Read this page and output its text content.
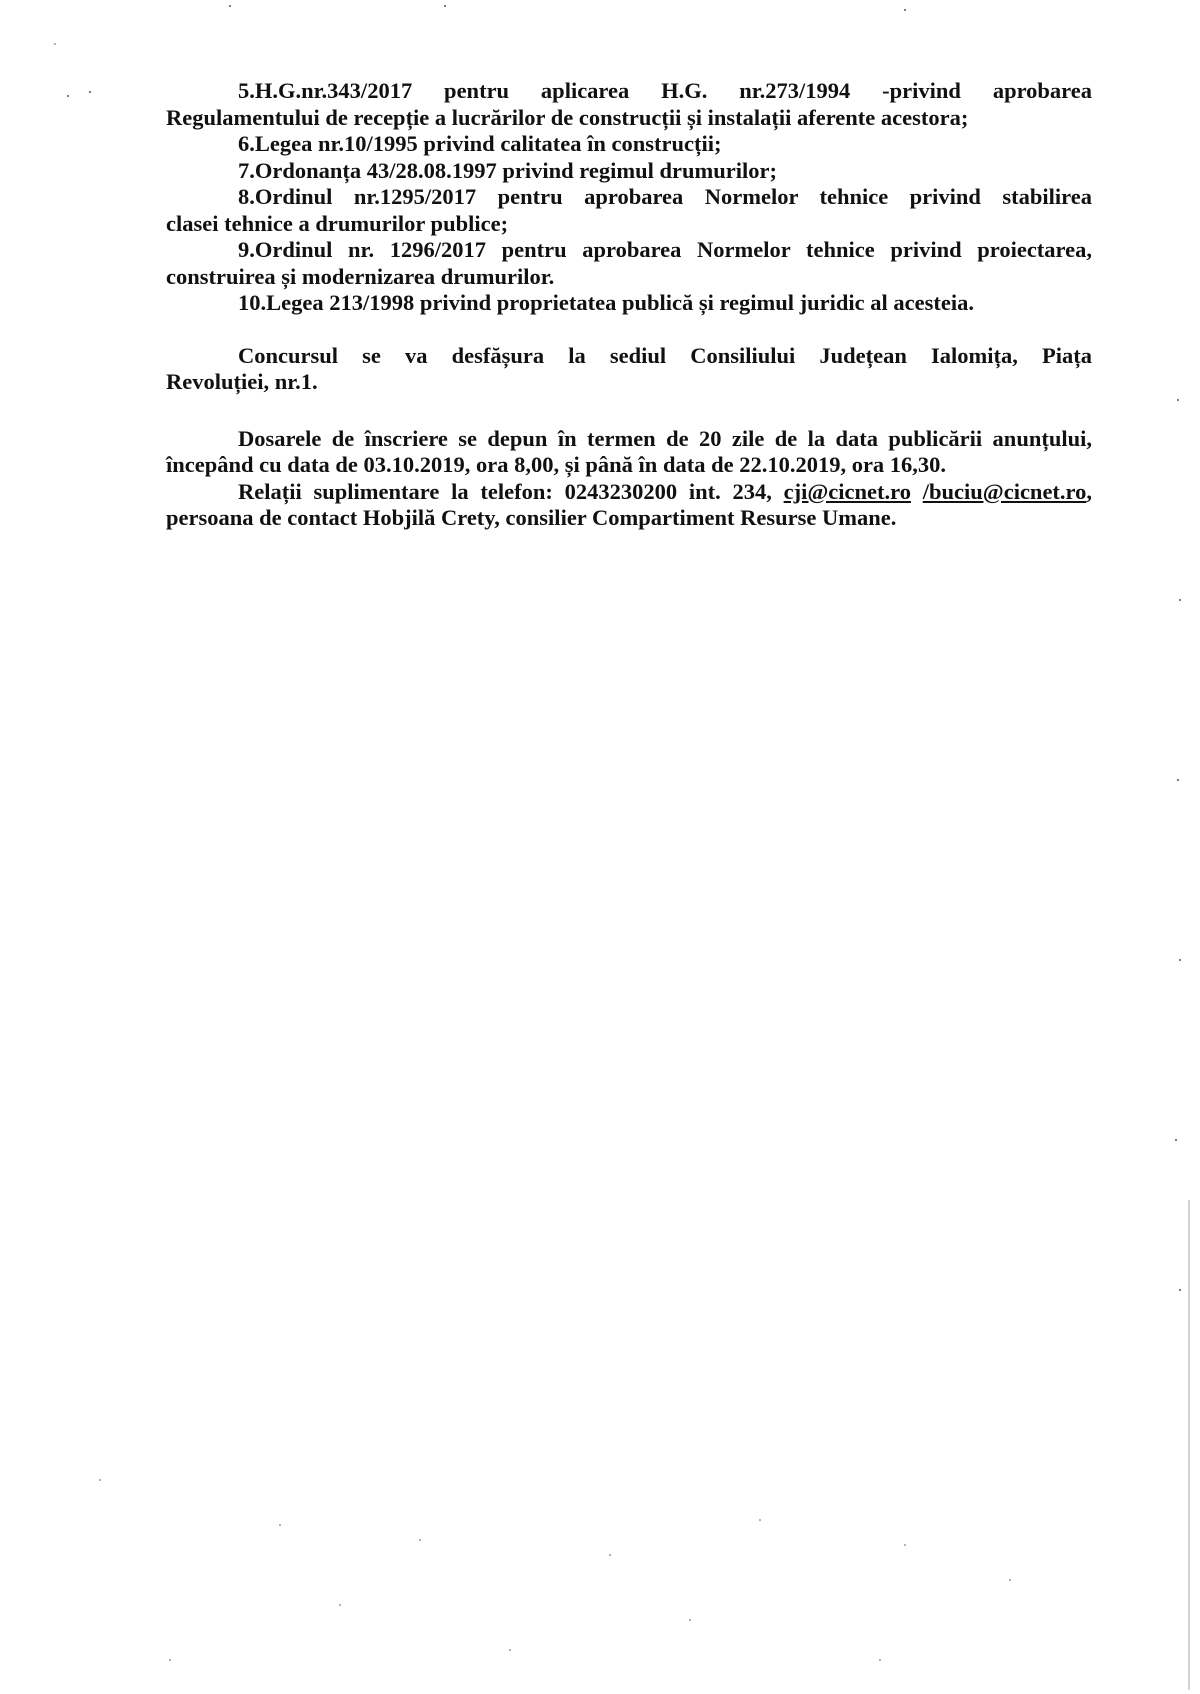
5.H.G.nr.343/2017 pentru aplicarea H.G. nr.273/1994 -privind aprobarea

Regulamentului de recepție a lucrărilor de construcții și instalații aferente acestora;

6.Legea nr.10/1995 privind calitatea în construcții;

7.Ordonanța 43/28.08.1997 privind regimul drumurilor;

8.Ordinul nr.1295/2017 pentru aprobarea Normelor tehnice privind stabilirea

clasei tehnice a drumurilor publice;

9.Ordinul nr. 1296/2017 pentru aprobarea Normelor tehnice privind proiectarea,

construirea și modernizarea drumurilor.

10.Legea 213/1998 privind proprietatea publică și regimul juridic al acesteia.

Concursul se va desfășura la sediul Consiliului Județean Ialomița, Piața

Revoluției, nr.1.

Dosarele de înscriere se depun în termen de 20 zile de la data publicării anunțului,

începând cu data de 03.10.2019, ora 8,00, și până în data de 22.10.2019, ora 16,30.

Relații suplimentare la telefon: 0243230200 int. 234, cji@cicnet.ro /buciu@cicnet.ro, persoana de contact Hobjilă Crety, consilier Compartiment Resurse Umane.
